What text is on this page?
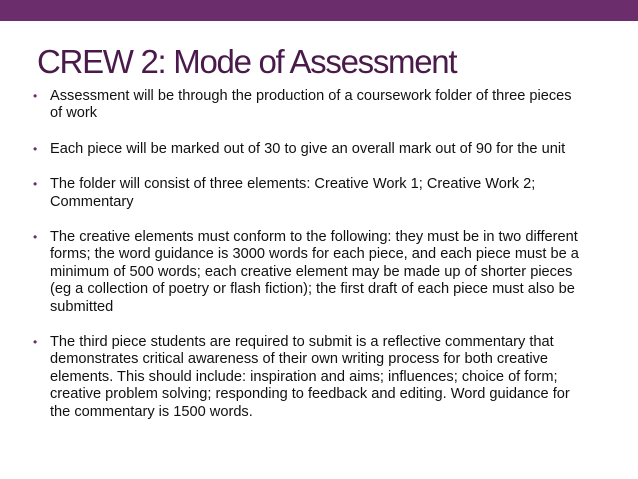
CREW 2: Mode of Assessment
• Assessment will be through the production of a coursework folder of three pieces
of work
• Each piece will be marked out of 30 to give an overall mark out of 90 for the unit
• The folder will consist of three elements: Creative Work 1; Creative Work 2;
Commentary
• The creative elements must conform to the following: they must be in two different
forms; the word guidance is 3000 words for each piece, and each piece must be a
minimum of 500 words; each creative element may be made up of shorter pieces
(eg a collection of poetry or flash fiction); the first draft of each piece must also be
submitted
• The third piece students are required to submit is a reflective commentary that
demonstrates critical awareness of their own writing process for both creative
elements. This should include: inspiration and aims; influences; choice of form;
creative problem solving; responding to feedback and editing. Word guidance for
the commentary is 1500 words.
